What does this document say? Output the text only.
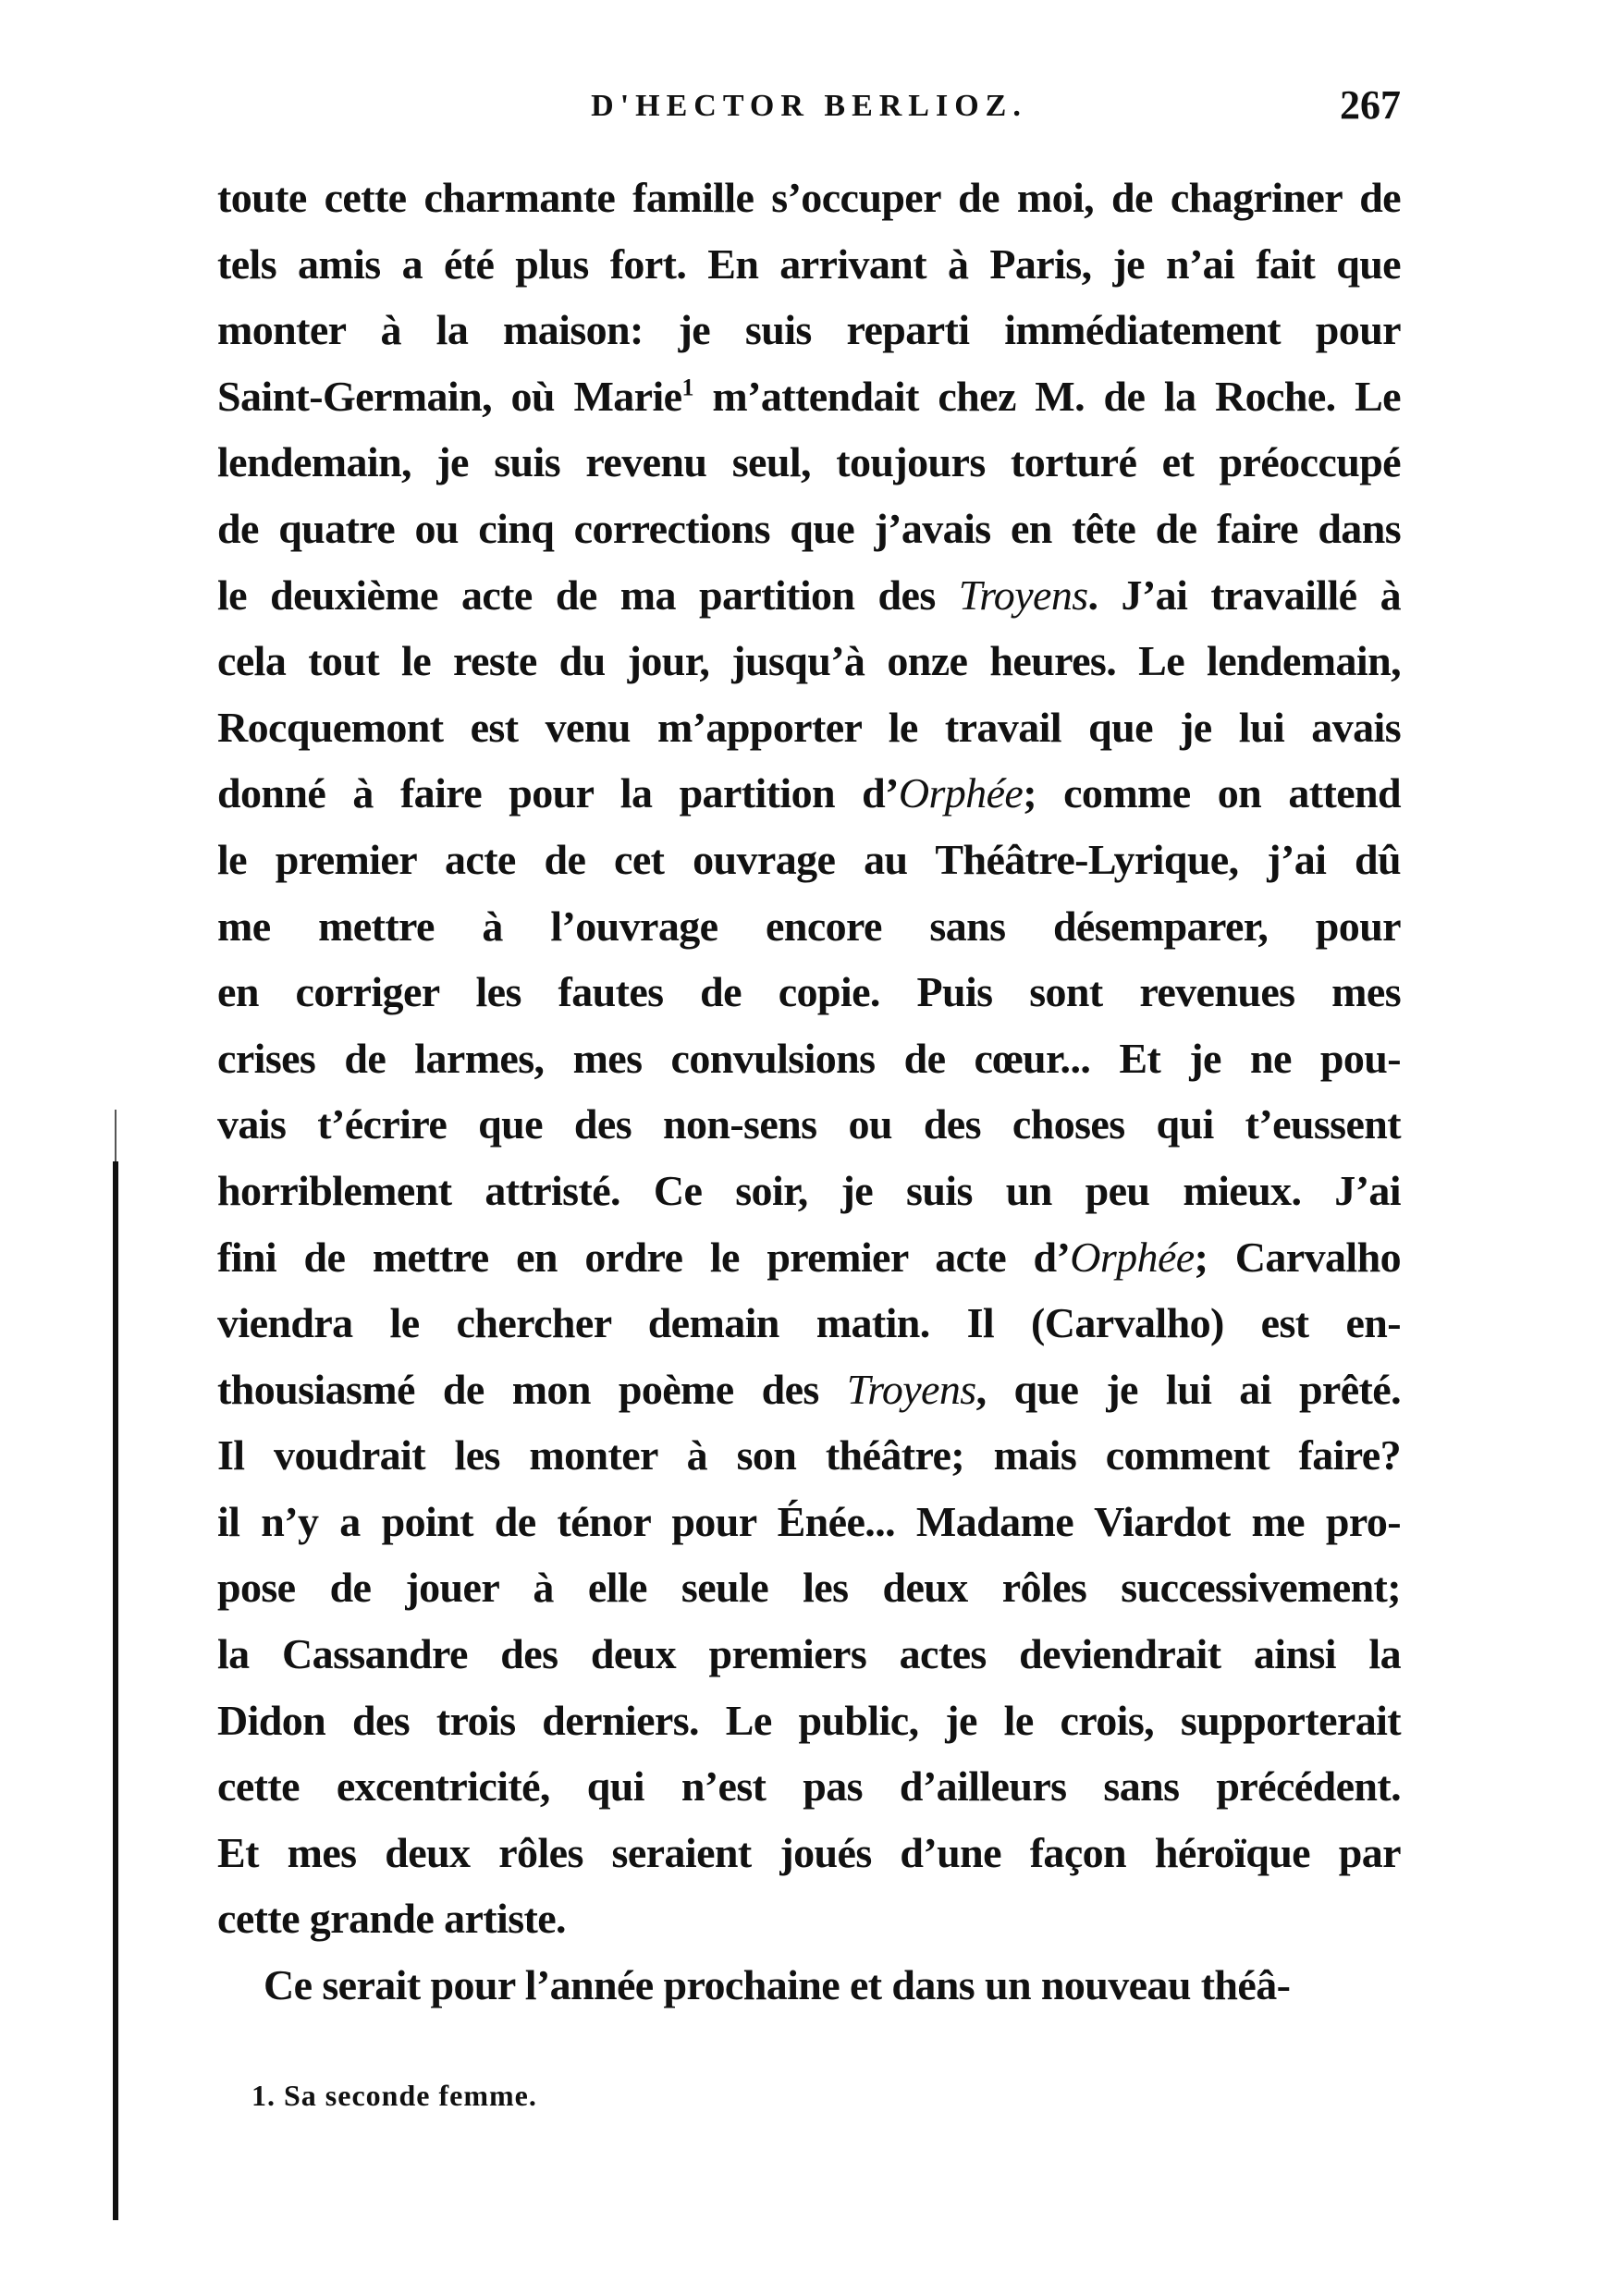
D'HECTOR BERLIOZ.	267
toute cette charmante famille s’occuper de moi, de chagriner de
tels amis a été plus fort. En arrivant à Paris, je n’ai fait que
monter à la maison: je suis reparti immédiatement pour
Saint-Germain, où Marie$^1$ m’attendait chez M. de la Roche. Le
lendemain, je suis revenu seul, toujours torturé et préoccupé
de quatre ou cinq corrections que j’avais en tête de faire dans
le deuxième acte de ma partition des Troyens. J’ai travaillé à
cela tout le reste du jour, jusqu’à onze heures. Le lendemain,
Rocquemont est venu m’apporter le travail que je lui avais
donné à faire pour la partition d’Orphée; comme on attend
le premier acte de cet ouvrage au Théâtre-Lyrique, j’ai dû
me mettre à l’ouvrage encore sans désemparer, pour
en corriger les fautes de copie. Puis sont revenues mes
crises de larmes, mes convulsions de cœur... Et je ne pou-
vais t’écrire que des non-sens ou des choses qui t’eussent
horriblement attristé. Ce soir, je suis un peu mieux. J’ai
fini de mettre en ordre le premier acte d’Orphée; Carvalho
viendra le chercher demain matin. Il (Carvalho) est en-
thousiasmé de mon poème des Troyens, que je lui ai prêté.
Il voudrait les monter à son théâtre; mais comment faire?
il n’y a point de ténor pour Énée... Madame Viardot me pro-
pose de jouer à elle seule les deux rôles successivement;
la Cassandre des deux premiers actes deviendrait ainsi la
Didon des trois derniers. Le public, je le crois, supporterait
cette excentricité, qui n’est pas d’ailleurs sans précédent.
Et mes deux rôles seraient joués d’une façon héroïque par
cette grande artiste.
Ce serait pour l’année prochaine et dans un nouveau théâ-
1. Sa seconde femme.
